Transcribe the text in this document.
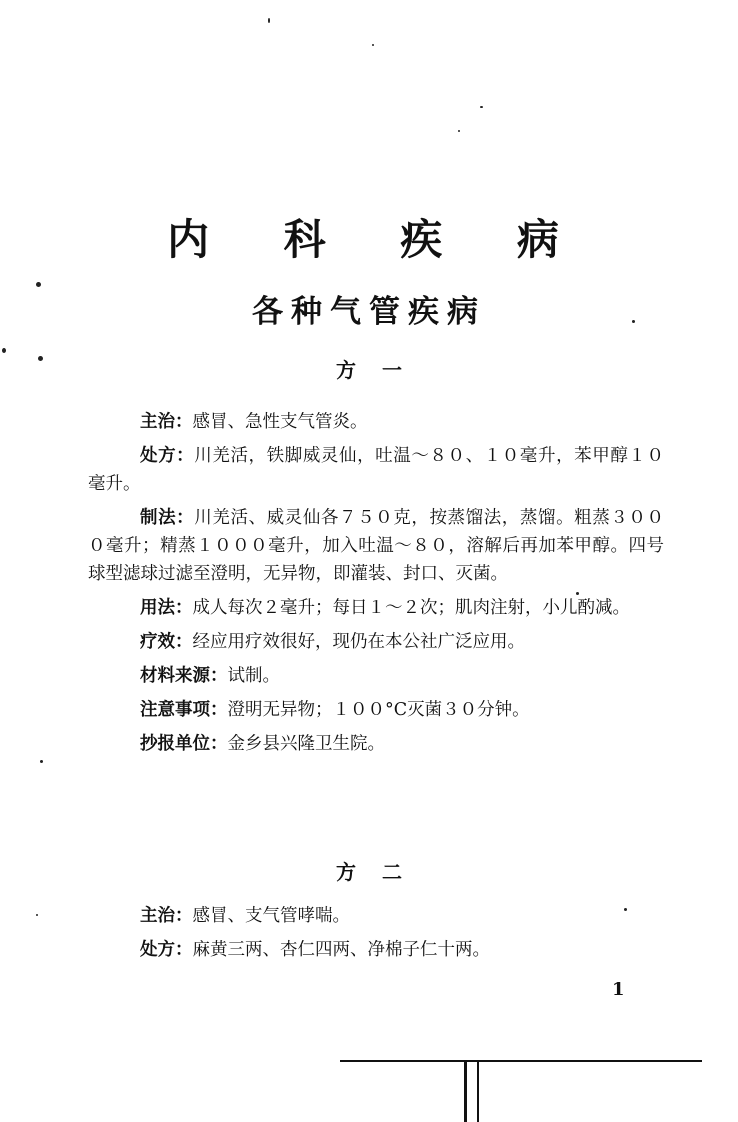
内 科 疾 病
各种气管疾病
方一

主治：感冒、急性支气管炎。

处方：川羌活，铁脚威灵仙，吐温～８０、１０毫升，苯甲醇１０毫升。

制法：川羌活、威灵仙各７５０克，按蒸馏法，蒸馏。粗蒸３０００毫升；精蒸１０００毫升，加入吐温～８０，溶解后再加苯甲醇。四号球型滤球过滤至澄明，无异物，即灌装、封口、灭菌。

用法：成人每次２毫升；每日１～２次；肌肉注射，小儿酌减。

疗效：经应用疗效很好，现仍在本公社广泛应用。

材料来源：试制。

注意事项：澄明无异物；１００°C灭菌３０分钟。

抄报单位：金乡县兴隆卫生院。

方二

主治：感冒、支气管哮喘。

处方：麻黄三两、杏仁四两、净棉子仁十两。

1
